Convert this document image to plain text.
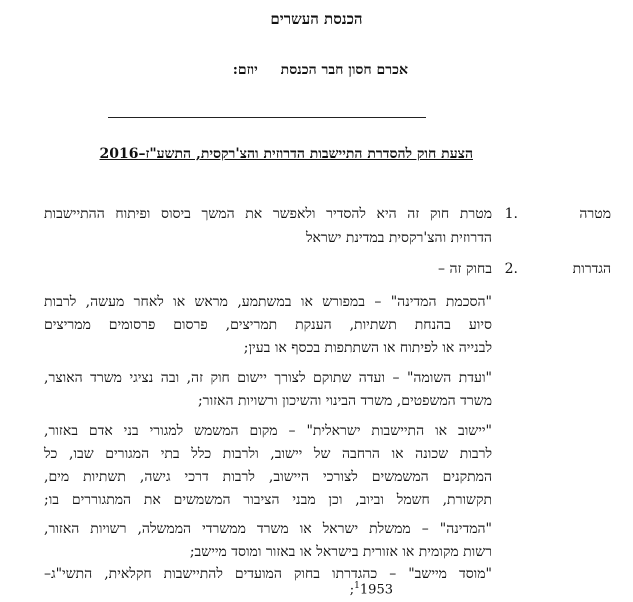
הכנסת העשרים
יוזם: חבר הכנסת אכרם חסון
הצעת חוק להסדרת התיישבות הדרוזית והצ'רקסית, התשע"ז–2016
מטרה
1.
מטרת חוק זה היא להסדיר ולאפשר את המשך ביסוס ופיתוח ההתיישבות
הדרוזית והצ'רקסית במדינת ישראל
הגדרות
2.
בחוק זה –
"הסכמת המדינה" – במפורש או במשתמע, מראש או לאחר מעשה, לרבות
סיוע בהנחת תשתיות, הענקת תמריצים, פרסום פרסומים ממריצים
לבנייה או לפיתוח או השתתפות בכסף או בעין;
"ועדת השומה" – ועדה שתוקם לצורך יישום חוק זה, ובה נציגי משרד האוצר,
משרד המשפטים, משרד הבינוי והשיכון ורשויות האזור;
"יישוב או התיישבות ישראלית" – מקום המשמש למגורי בני אדם באזור,
לרבות שכונה או הרחבה של יישוב, ולרבות כלל בתי המגורים שבו, כל
המתקנים המשמשים לצורכי היישוב, לרבות דרכי גישה, תשתיות מים,
תקשורת, חשמל וביוב, וכן מבני הציבור המשמשים את המתגוררים בו;
"המדינה" – ממשלת ישראל או משרד ממשרדי הממשלה, רשויות האזור,
רשות מקומית או אזורית בישראל או באזור ומוסד מיישב;
"מוסד מיישב" – כהגדרתו בחוק המועדים להתיישבות חקלאית, התשי"ג–
;$^1$1953
